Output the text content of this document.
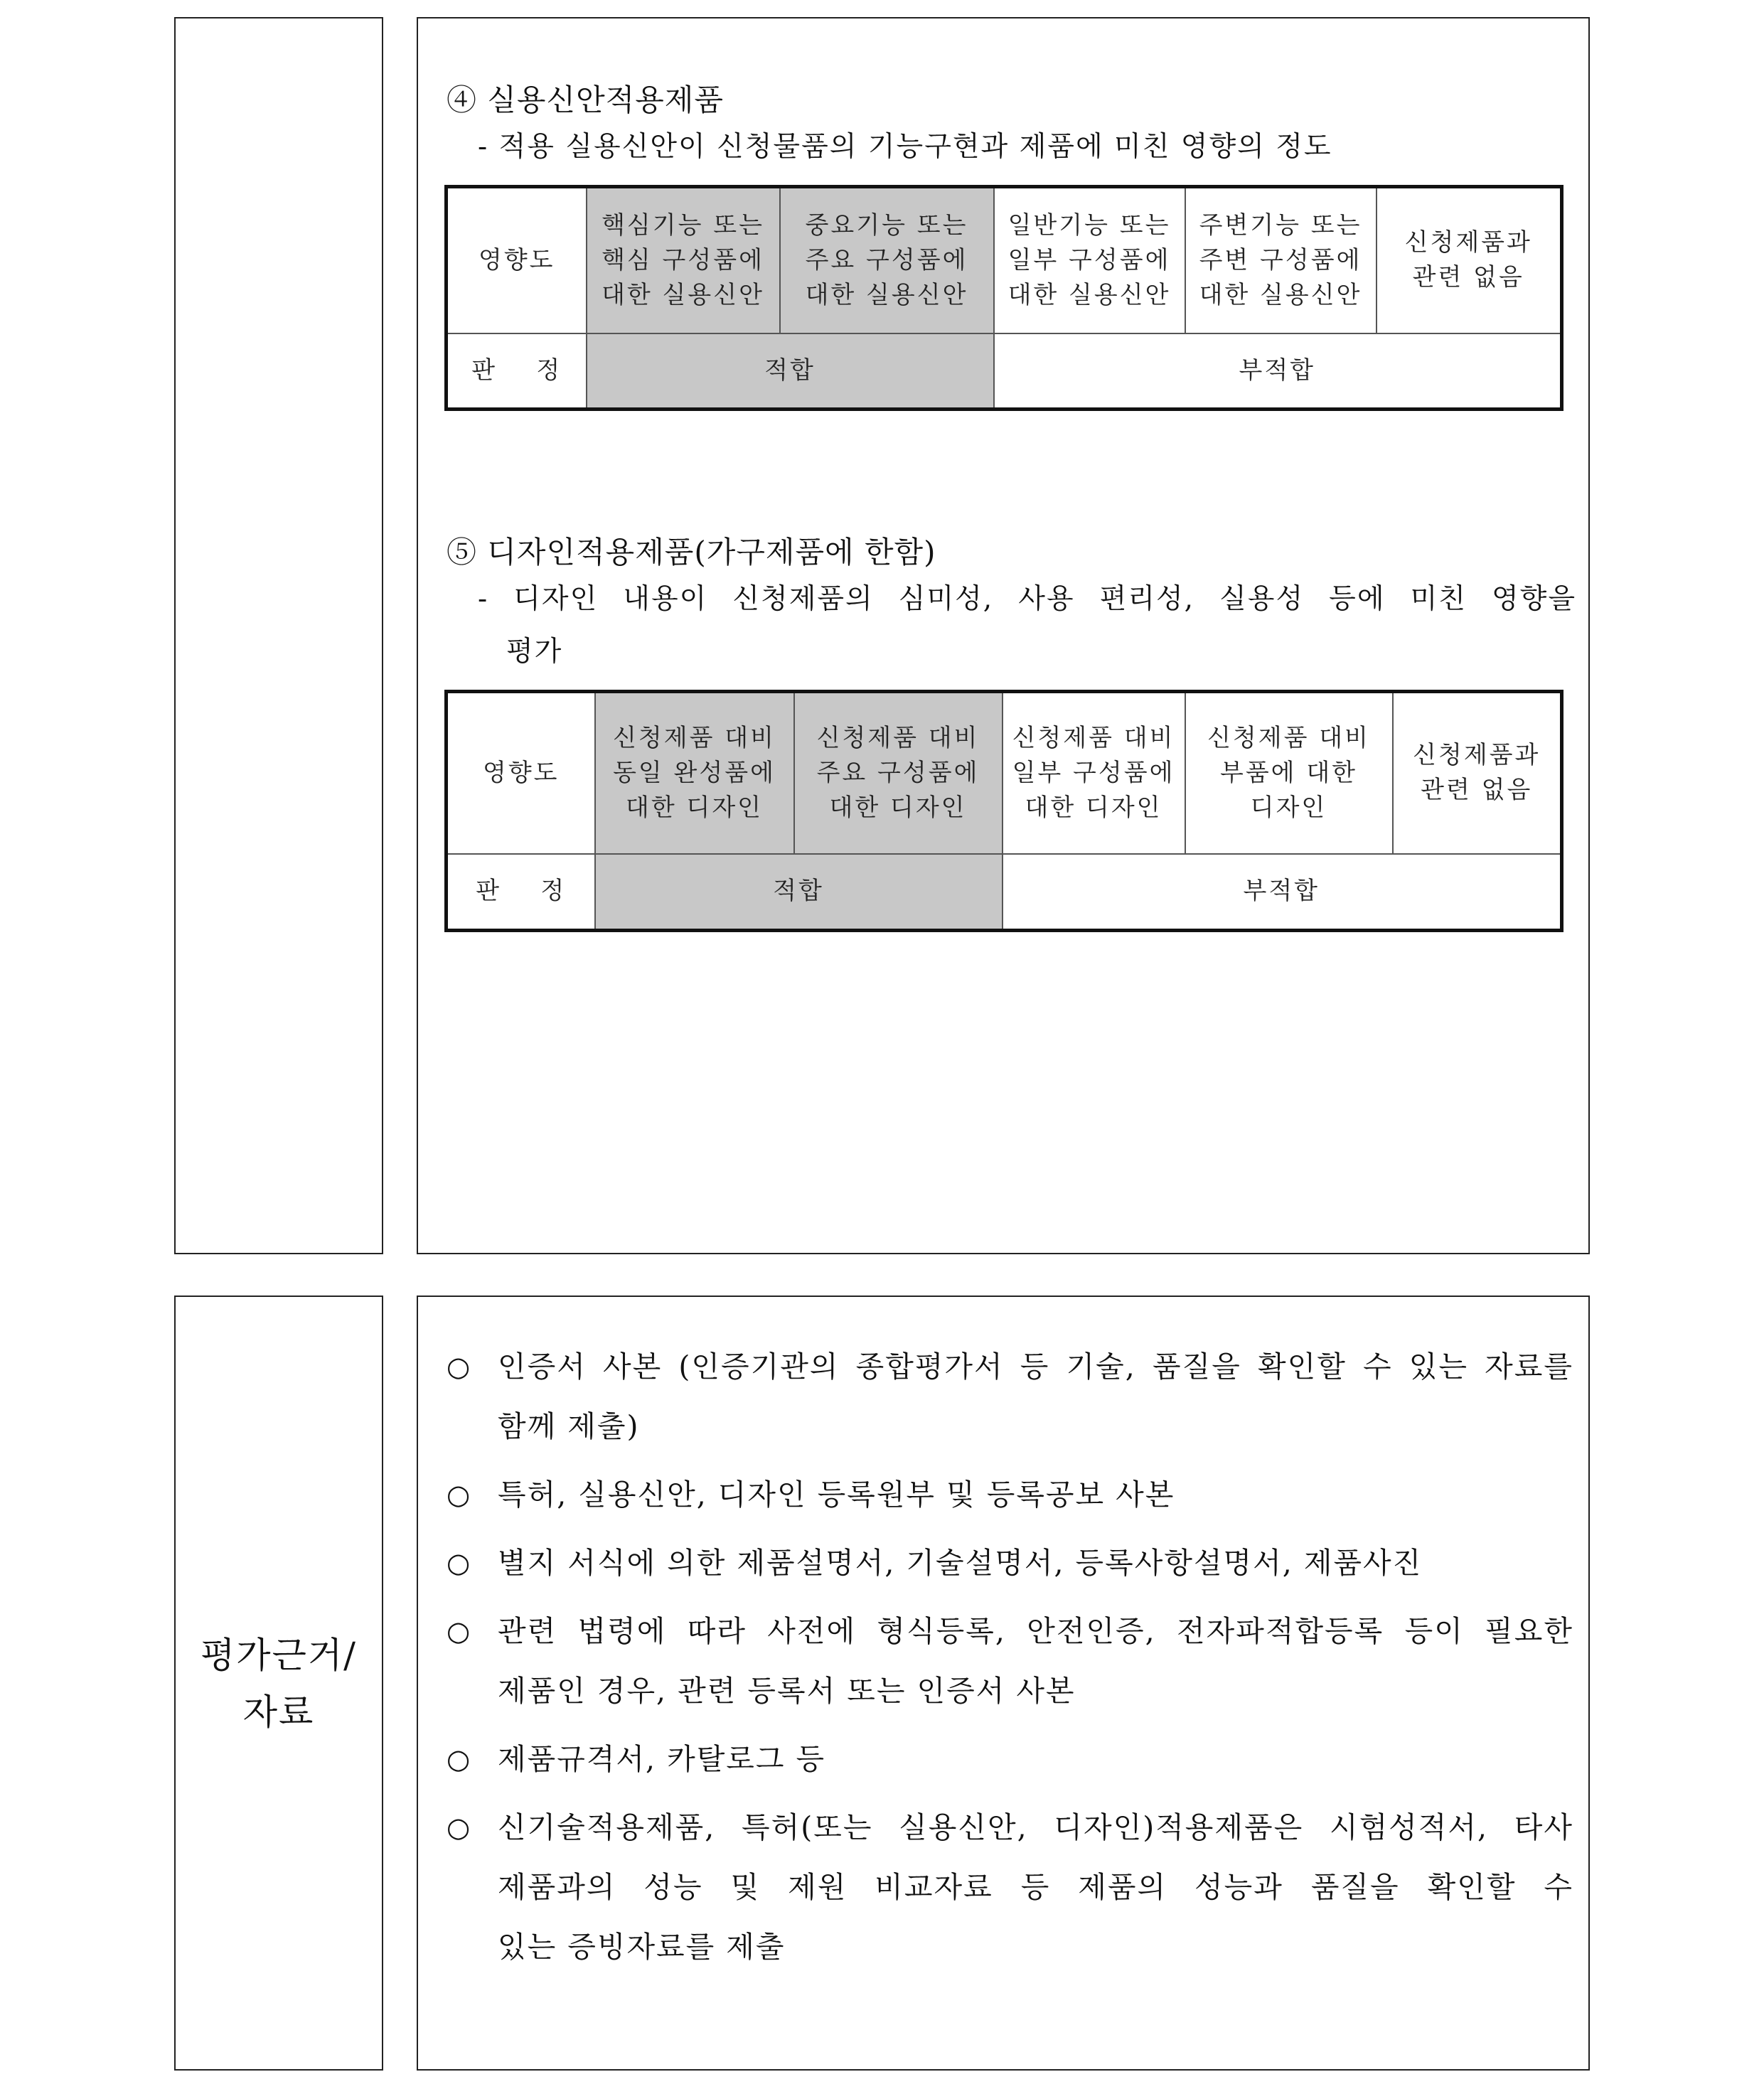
④ 실용신안적용제품
- 적용 실용신안이 신청물품의 기능구현과 제품에 미친 영향의 정도
영향도	핵심기능 또는
핵심 구성품에
대한 실용신안	중요기능 또는
주요 구성품에
대한 실용신안	일반기능 또는
일부 구성품에
대한 실용신안	주변기능 또는
주변 구성품에
대한 실용신안	신청제품과
관련 없음

판    정	적합		부적합		
⑤ 디자인적용제품(가구제품에 한함)
- 디자인 내용이 신청제품의 심미성, 사용 편리성, 실용성 등에 미친 영향을
평가
영향도	신청제품 대비
동일 완성품에
대한 디자인	신청제품 대비
주요 구성품에
대한 디자인	신청제품 대비
일부 구성품에
대한 디자인	신청제품 대비
부품에 대한
디자인	신청제품과
관련 없음

판    정	적합		부적합		
평가근거/
자료
○ 인증서 사본 (인증기관의 종합평가서 등 기술, 품질을 확인할 수 있는 자료를
함께 제출)
○ 특허, 실용신안, 디자인 등록원부 및 등록공보 사본
○ 별지 서식에 의한 제품설명서, 기술설명서, 등록사항설명서, 제품사진
○ 관련 법령에 따라 사전에 형식등록, 안전인증, 전자파적합등록 등이 필요한
제품인 경우, 관련 등록서 또는 인증서 사본
○ 제품규격서, 카탈로그 등
○ 신기술적용제품, 특허(또는 실용신안, 디자인)적용제품은 시험성적서, 타사
제품과의 성능 및 제원 비교자료 등 제품의 성능과 품질을 확인할 수
있는 증빙자료를 제출
